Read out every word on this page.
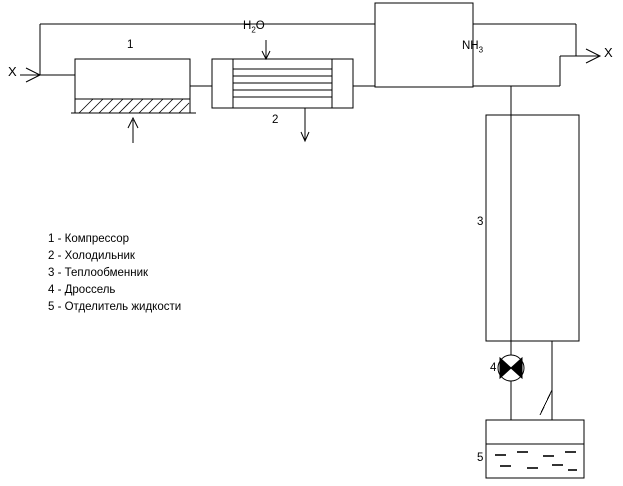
X
X
1
$H_2O$
2
$NH_3$
3
4
5
1 - Компрессор
2 - Холодильник
3 - Теплообменник
4 - Дроссель
5 - Отделитель жидкости
